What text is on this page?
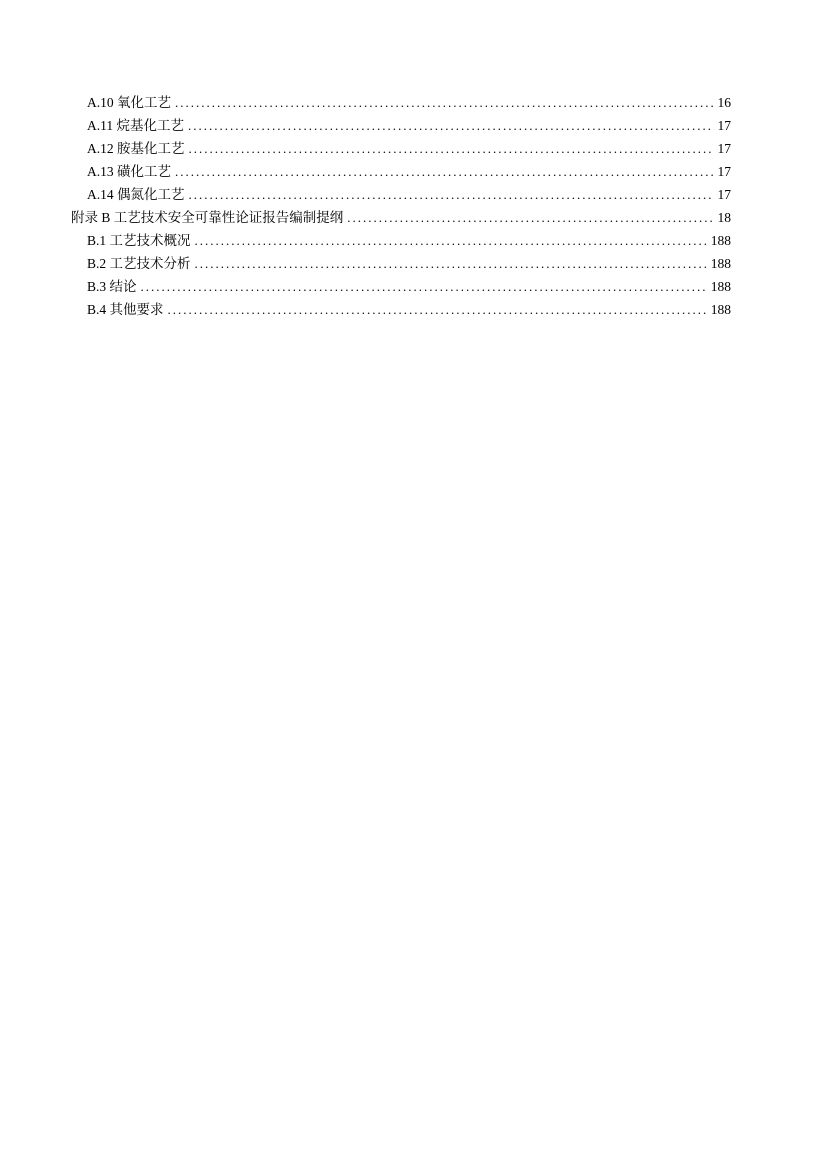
A.10 氧化工艺 .....	16
A.11 烷基化工艺 .....	17
A.12 胺基化工艺 .....	17
A.13 磺化工艺 .....	17
A.14 偶氮化工艺 .....	17
附录 B 工艺技术安全可靠性论证报告编制提纲 .....	18
B.1 工艺技术概况 .....	188
B.2 工艺技术分析 .....	188
B.3 结论 .....	188
B.4 其他要求 .....	188
